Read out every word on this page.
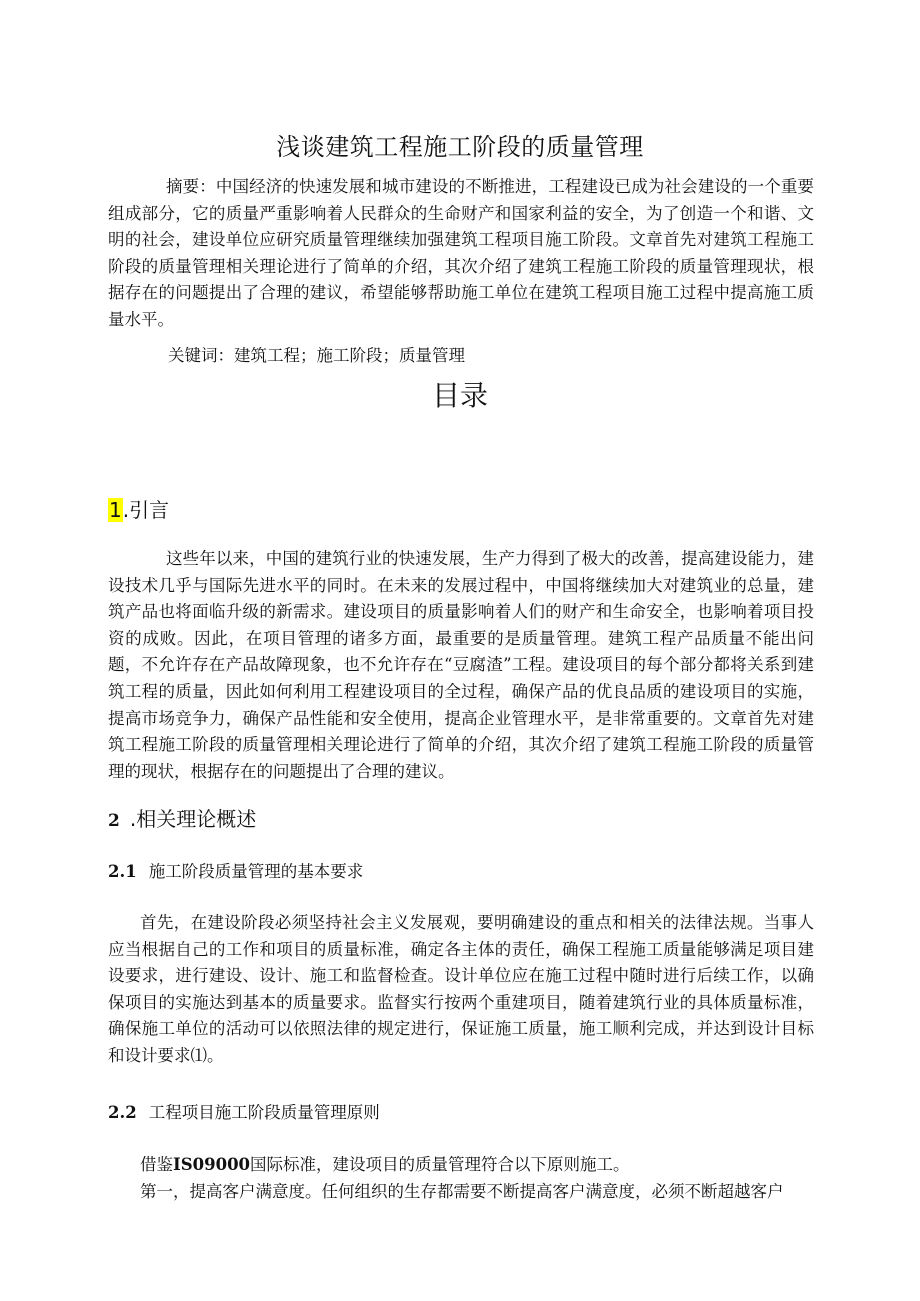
浅谈建筑工程施工阶段的质量管理
摘要：中国经济的快速发展和城市建设的不断推进，工程建设已成为社会建设的一个重要组成部分，它的质量严重影响着人民群众的生命财产和国家利益的安全，为了创造一个和谐、文明的社会，建设单位应研究质量管理继续加强建筑工程项目施工阶段。文章首先对建筑工程施工阶段的质量管理相关理论进行了简单的介绍，其次介绍了建筑工程施工阶段的质量管理现状，根据存在的问题提出了合理的建议，希望能够帮助施工单位在建筑工程项目施工过程中提高施工质量水平。
关键词：建筑工程；施工阶段；质量管理
目录
1.引言
这些年以来，中国的建筑行业的快速发展，生产力得到了极大的改善，提高建设能力，建设技术几乎与国际先进水平的同时。在未来的发展过程中，中国将继续加大对建筑业的总量，建筑产品也将面临升级的新需求。建设项目的质量影响着人们的财产和生命安全，也影响着项目投资的成败。因此，在项目管理的诸多方面，最重要的是质量管理。建筑工程产品质量不能出问题，不允许存在产品故障现象，也不允许存在“豆腐渣”工程。建设项目的每个部分都将关系到建筑工程的质量，因此如何利用工程建设项目的全过程，确保产品的优良品质的建设项目的实施，提高市场竞争力，确保产品性能和安全使用，提高企业管理水平，是非常重要的。文章首先对建筑工程施工阶段的质量管理相关理论进行了简单的介绍，其次介绍了建筑工程施工阶段的质量管理的现状，根据存在的问题提出了合理的建议。
2 .相关理论概述
2.1 施工阶段质量管理的基本要求
首先，在建设阶段必须坚持社会主义发展观，要明确建设的重点和相关的法律法规。当事人应当根据自己的工作和项目的质量标准，确定各主体的责任，确保工程施工质量能够满足项目建设要求，进行建设、设计、施工和监督检查。设计单位应在施工过程中随时进行后续工作，以确保项目的实施达到基本的质量要求。监督实行按两个重建项目，随着建筑行业的具体质量标准，确保施工单位的活动可以依照法律的规定进行，保证施工质量，施工顺利完成，并达到设计目标和设计要求⑴。
2.2 工程项目施工阶段质量管理原则
借鉴IS09000国际标准，建设项目的质量管理符合以下原则施工。
第一，提高客户满意度。任何组织的生存都需要不断提高客户满意度，必须不断超越客户
